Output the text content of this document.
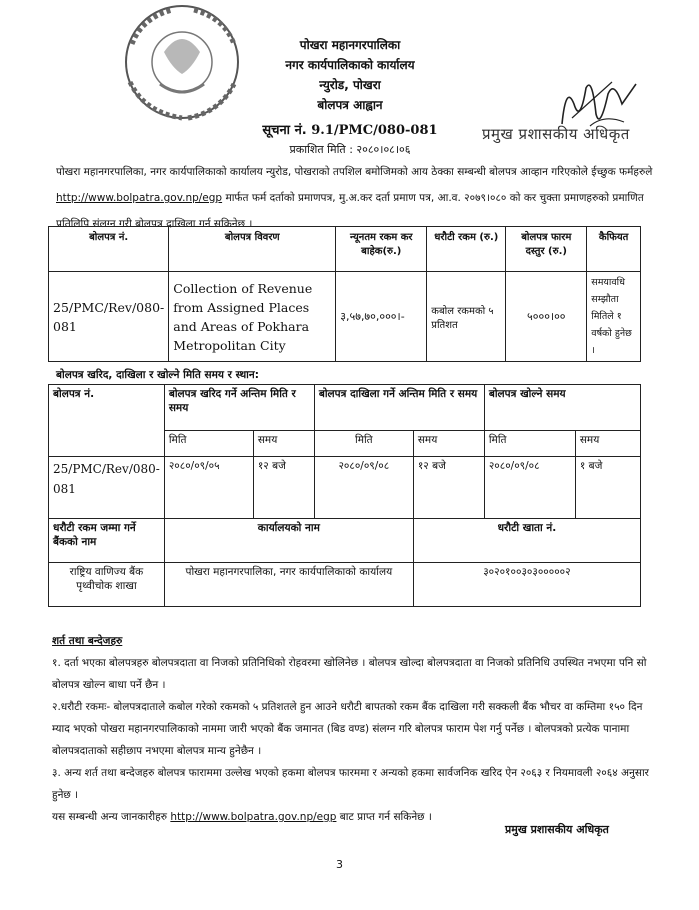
पोखरा महानगरपालिका
नगर कार्यपालिकाको कार्यालय
न्युरोड, पोखरा
बोलपत्र आह्वान
सूचना नं. 9.1/PMC/080-081
प्रकाशित मिति : २०८०।०८।०६
प्रमुख प्रशासकीय अधिकृत
पोखरा महानगरपालिका, नगर कार्यपालिकाको कार्यालय न्युरोड, पोखराको तपशिल बमोजिमको आय ठेक्का सम्बन्धी बोलपत्र आव्हान गरिएकोले ईच्छुक फर्महरुले http://www.bolpatra.gov.np/egp मार्फत फर्म दर्ताको प्रमाणपत्र, मु.अ.कर दर्ता प्रमाण पत्र, आ.व. २०७९।०८० को कर चुक्ता प्रमाणहरुको प्रमाणित प्रतिलिपि संलग्न गरी बोलपत्र दाखिला गर्न सकिनेछ ।
बोलपत्र नं.	बोलपत्र विवरण	न्यूनतम रकम कर बाहेक(रु.)	धरौटी रकम (रु.)	बोलपत्र फारम दस्तुर (रु.)	कैफियत
25/PMC/Rev/080-081	Collection of Revenue from Assigned Places and Areas of Pokhara Metropolitan City	३,५७,७०,०००।-	कबोल रकमको ५ प्रतिशत	५०००।००	समयावधि सम्झौता मितिले १ वर्षको हुनेछ ।
बोलपत्र खरिद, दाखिला र खोल्ने मिति समय र स्थान:
बोलपत्र नं.	बोलपत्र खरिद गर्ने अन्तिम मिति र समय		बोलपत्र दाखिला गर्ने अन्तिम मिति र समय		बोलपत्र खोल्ने समय	
	मिति	समय	मिति	समय	मिति	समय
25/PMC/Rev/080-081	२०८०/०९/०५	१२ बजे	२०८०/०९/०८	१२ बजे	२०८०/०९/०८	१ बजे
धरौटी रकम जम्मा गर्ने बैंकको नाम	कार्यालयको नाम			धरौटी खाता नं.		
राष्ट्रिय वाणिज्य बैंक पृथ्वीचोक शाखा	पोखरा महानगरपालिका, नगर कार्यपालिकाको कार्यालय			३०२०१००३०३०००००२		
शर्त तथा बन्देजहरु
१. दर्ता भएका बोलपत्रहरु बोलपत्रदाता वा निजको प्रतिनिधिको रोहवरमा खोलिनेछ । बोलपत्र खोल्दा बोलपत्रदाता वा निजको प्रतिनिधि उपस्थित नभएमा पनि सो बोलपत्र खोल्न बाधा पर्ने छैन ।
२.धरौटी रकमः- बोलपत्रदाताले कबोल गरेको रकमको ५ प्रतिशतले हुन आउने धरौटी बापतको रकम बैंक दाखिला गरी सक्कली बैंक भौचर वा कम्तिमा १५० दिन म्याद भएको पोखरा महानगरपालिकाको नाममा जारी भएको बैंक जमानत (बिड वण्ड) संलग्न गरि बोलपत्र फाराम पेश गर्नु पर्नेछ । बोलपत्रको प्रत्येक पानामा बोलपत्रदाताको सहीछाप नभएमा बोलपत्र मान्य हुनेछैन ।
३. अन्य शर्त तथा बन्देजहरु बोलपत्र फाराममा उल्लेख भएको हकमा बोलपत्र फारममा र अन्यको हकमा सार्वजनिक खरिद ऐन २०६३ र नियमावली २०६४ अनुसार हुनेछ ।
यस सम्बन्धी अन्य जानकारीहरु http://www.bolpatra.gov.np/egp बाट प्राप्त गर्न सकिनेछ ।
प्रमुख प्रशासकीय अधिकृत
3
